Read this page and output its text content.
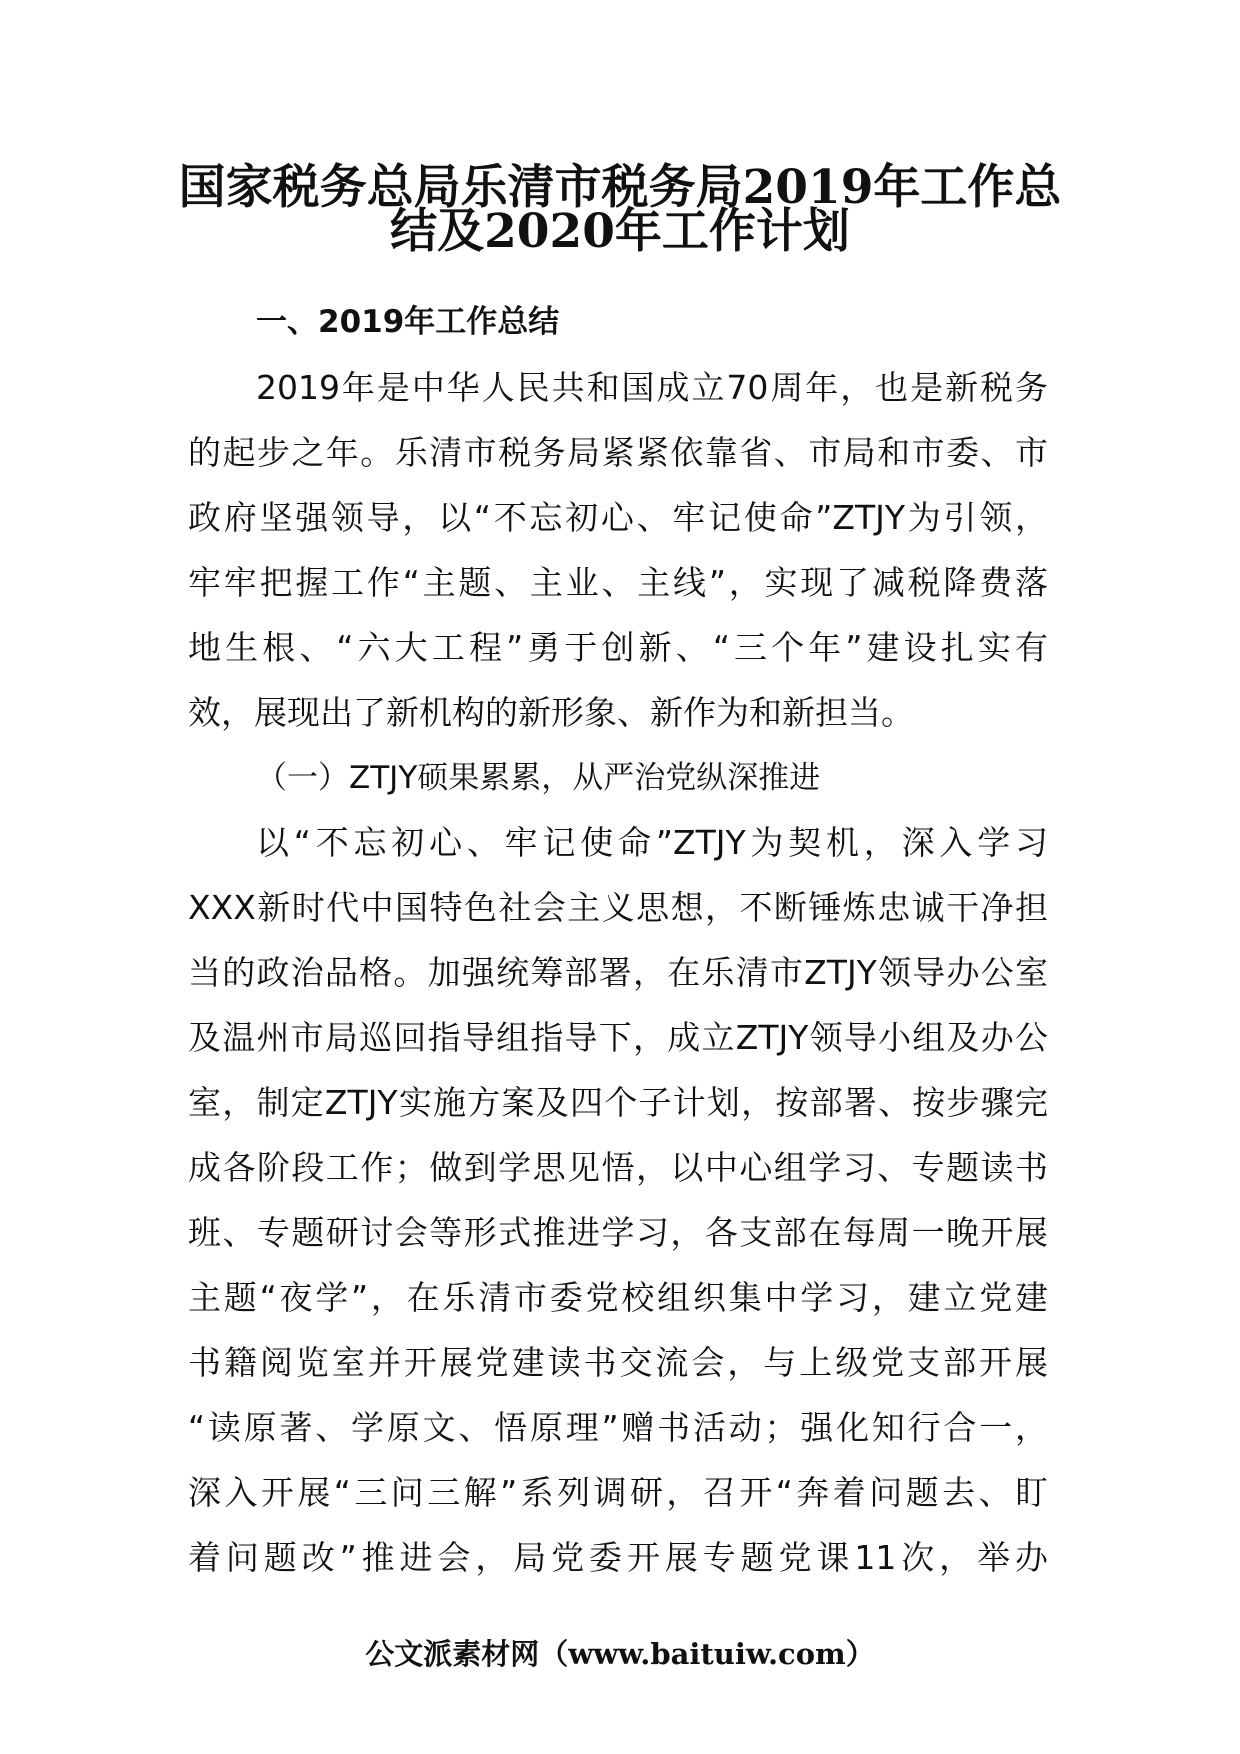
国家税务总局乐清市税务局2019年工作总
结及2020年工作计划
一、2019年工作总结
2019年是中华人民共和国成立70周年，也是新税务
的起步之年。乐清市税务局紧紧依靠省、市局和市委、市
政府坚强领导，以“不忘初心、牢记使命”ZTJY为引领，
牢牢把握工作“主题、主业、主线”，实现了减税降费落
地生根、“六大工程”勇于创新、“三个年”建设扎实有
效，展现出了新机构的新形象、新作为和新担当。
（一）ZTJY硕果累累，从严治党纵深推进
以“不忘初心、牢记使命”ZTJY为契机，深入学习
XXX新时代中国特色社会主义思想，不断锤炼忠诚干净担
当的政治品格。加强统筹部署，在乐清市ZTJY领导办公室
及温州市局巡回指导组指导下，成立ZTJY领导小组及办公
室，制定ZTJY实施方案及四个子计划，按部署、按步骤完
成各阶段工作；做到学思见悟，以中心组学习、专题读书
班、专题研讨会等形式推进学习，各支部在每周一晚开展
主题“夜学”，在乐清市委党校组织集中学习，建立党建
书籍阅览室并开展党建读书交流会，与上级党支部开展
“读原著、学原文、悟原理”赠书活动；强化知行合一，
深入开展“三问三解”系列调研，召开“奔着问题去、盯
着问题改”推进会，局党委开展专题党课11次，举办
公文派素材网（www.baituiw.com）
